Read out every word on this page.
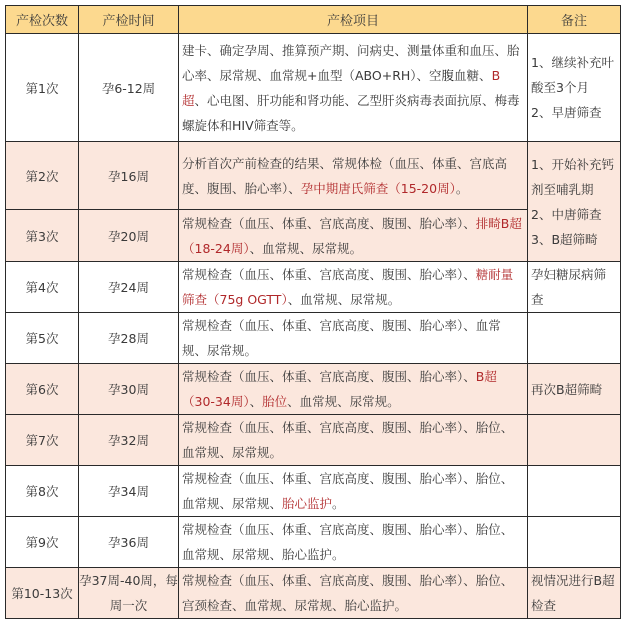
产检次数	产检时间	产检项目	备注
第1次	孕6-12周	建卡、确定孕周、推算预产期、问病史、测量体重和血压、胎心率、尿常规、血常规+血型（ABO+RH）、空腹血糖、B超、心电图、肝功能和肾功能、乙型肝炎病毒表面抗原、梅毒螺旋体和HIV筛查等。	1、继续补充叶酸至3个月
2、早唐筛查
第2次	孕16周	分析首次产前检查的结果、常规体检（血压、体重、宫底高度、腹围、胎心率）、孕中期唐氏筛查（15-20周）。	1、开始补充钙剂至哺乳期
2、中唐筛查
3、B超筛畸
第3次	孕20周	常规检查（血压、体重、宫底高度、腹围、胎心率）、排畸B超（18-24周）、血常规、尿常规。	
第4次	孕24周	常规检查（血压、体重、宫底高度、腹围、胎心率）、糖耐量筛查（75g OGTT）、血常规、尿常规。	孕妇糖尿病筛查
第5次	孕28周	常规检查（血压、体重、宫底高度、腹围、胎心率）、血常规、尿常规。	
第6次	孕30周	常规检查（血压、体重、宫底高度、腹围、胎心率）、B超（30-34周）、胎位、血常规、尿常规。	再次B超筛畸
第7次	孕32周	常规检查（血压、体重、宫底高度、腹围、胎心率）、胎位、血常规、尿常规。	
第8次	孕34周	常规检查（血压、体重、宫底高度、腹围、胎心率）、胎位、血常规、尿常规、胎心监护。	
第9次	孕36周	常规检查（血压、体重、宫底高度、腹围、胎心率）、胎位、血常规、尿常规、胎心监护。	
第10-13次	孕37周-40周，每周一次	常规检查（血压、体重、宫底高度、腹围、胎心率）、胎位、宫颈检查、血常规、尿常规、胎心监护。	视情况进行B超检查
